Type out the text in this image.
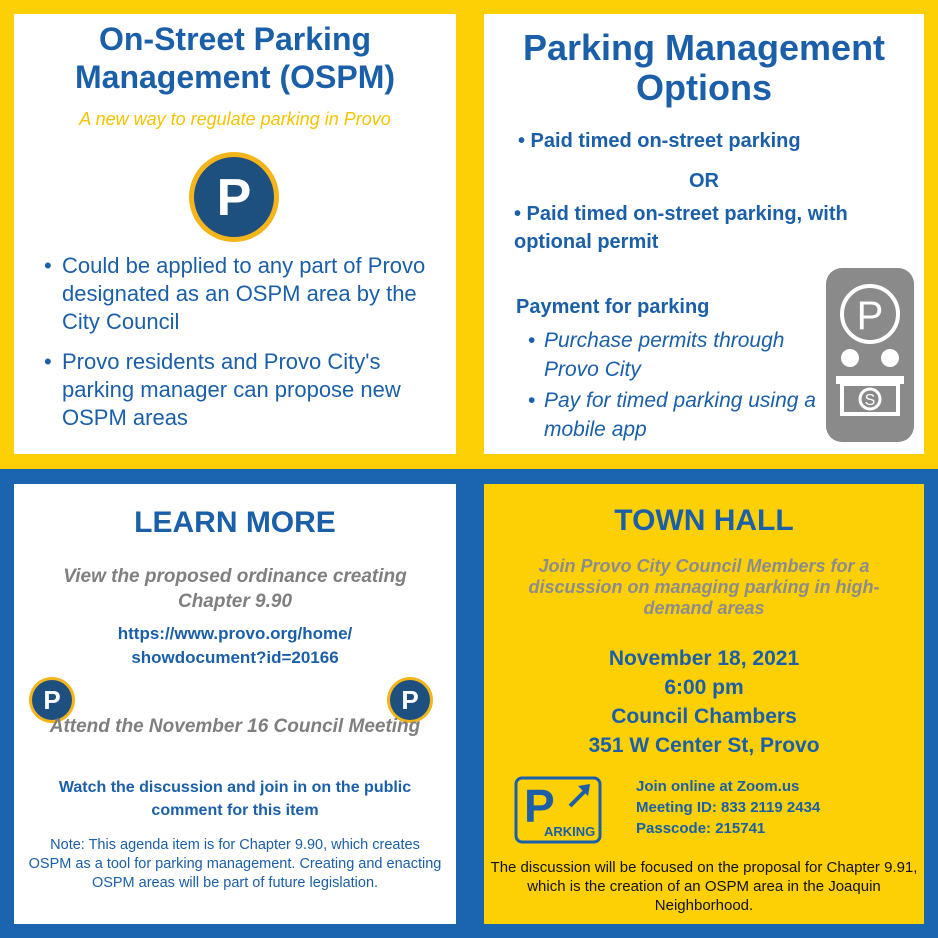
On-Street Parking
Management (OSPM)
A new way to regulate parking in Provo
P
• Could be applied to any part of Provo designated as an OSPM area by the City Council
• Provo residents and Provo City's parking manager can propose new OSPM areas
Parking Management
Options
• Paid timed on-street parking
OR
• Paid timed on-street parking, with optional permit
Payment for parking
• Purchase permits through Provo City
• Pay for timed parking using a mobile app
P
S
LEARN MORE
View the proposed ordinance creating Chapter 9.90
https://www.provo.org/home/
showdocument?id=20166
P	P
Attend the November 16 Council Meeting
Watch the discussion and join in on the public comment for this item
Note: This agenda item is for Chapter 9.90, which creates OSPM as a tool for parking management. Creating and enacting OSPM areas will be part of future legislation.
TOWN HALL
Join Provo City Council Members for a discussion on managing parking in high-demand areas
November 18, 2021
6:00 pm
Council Chambers
351 W Center St, Provo
P
ARKING
Join online at Zoom.us
Meeting ID: 833 2119 2434
Passcode: 215741
The discussion will be focused on the proposal for Chapter 9.91, which is the creation of an OSPM area in the Joaquin Neighborhood.
